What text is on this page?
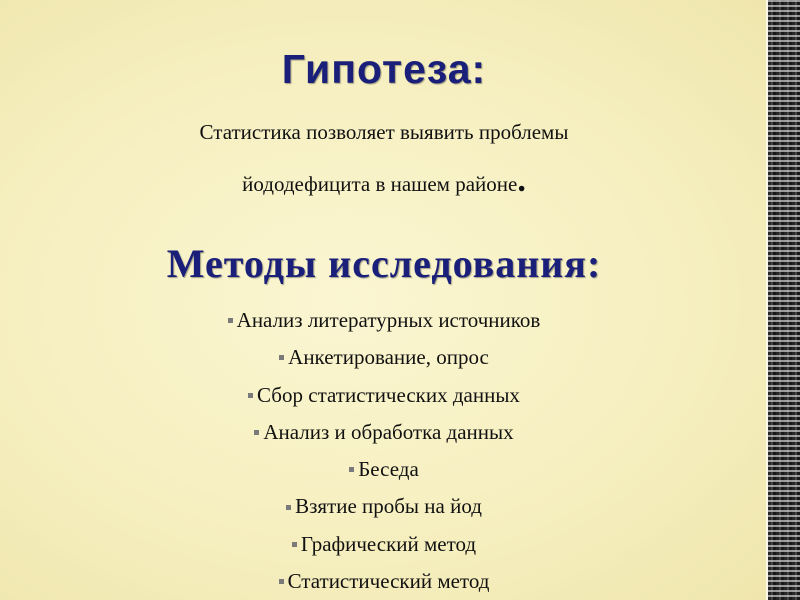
Гипотеза:

Статистика позволяет выявить проблемы

йододефицита в нашем районе.

Методы исследования:
Анализ литературных источников
Анкетирование, опрос
Сбор статистических данных
Анализ и обработка данных
Беседа
Взятие пробы на йод
Графический метод
Статистический метод
